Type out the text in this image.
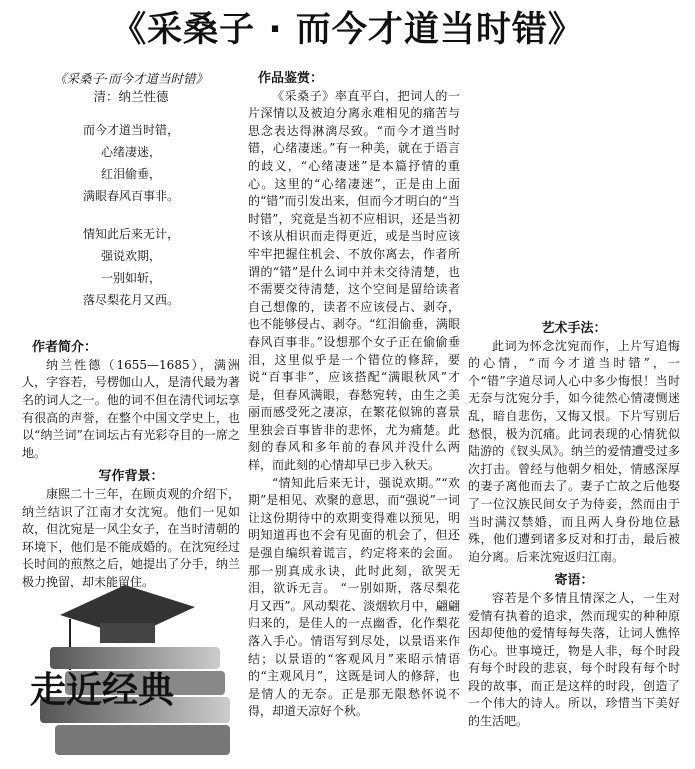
《采桑子 · 而今才道当时错》
《采桑子·而今才道当时错》
清：纳兰性德
而今才道当时错，
心绪凄迷，
红泪偷垂，
满眼春风百事非。
情知此后来无计，
强说欢期，
一别如斩，
落尽梨花月又西。
作者简介：

纳兰性德（1655—1685），满洲人，字容若，号楞伽山人，是清代最为著名的词人之一。他的词不但在清代词坛享有很高的声誉，在整个中国文学史上，也以“纳兰词”在词坛占有光彩夺目的一席之地。

写作背景：

康熙二十三年，在顾贞观的介绍下，纳兰结识了江南才女沈宛。他们一见如故，但沈宛是一风尘女子，在当时清朝的环境下，他们是不能成婚的。在沈宛经过长时间的煎熬之后，她提出了分手，纳兰极力挽留，却未能留住。

走近经典
作品鉴赏：

《采桑子》率直平白，把词人的一片深情以及被迫分离永难相见的痛苦与思念表达得淋漓尽致。“而今才道当时错，心绪凄迷。”有一种美，就在于语言的歧义，“心绪凄迷”是本篇抒情的重心。这里的“心绪凄迷”，正是由上面的“错”而引发出来，但而今才明白的“当时错”，究竟是当初不应相识，还是当初不该从相识而走得更近，或是当时应该牢牢把握住机会、不放你离去，作者所谓的“错”是什么词中并未交待清楚，也不需要交待清楚，这个空间是留给读者自己想像的，读者不应该侵占、剥夺，也不能够侵占、剥夺。“红泪偷垂，满眼春风百事非。”设想那个女子正在偷偷垂泪，这里似乎是一个错位的修辞，要说“百事非”，应该搭配“满眼秋风”才是，但春风满眼，春愁宛转，由生之美丽而感受死之凄凉，在繁花似锦的喜景里独会百事皆非的悲怀，尤为痛楚。此刻的春风和多年前的春风并没什么两样，而此刻的心情却早已步入秋天。

“情知此后来无计，强说欢期。”“欢期”是相见、欢聚的意思，而“强说”一词让这份期待中的欢期变得难以预见，明明知道再也不会有见面的机会了，但还是强自编织着谎言，约定将来的会面。那一别真成永诀，此时此刻，欲哭无泪，欲诉无言。 “一别如斯，落尽梨花月又西”。风动梨花、淡烟软月中，翩翩归来的，是佳人的一点幽香，化作梨花落入手心。情语写到尽处，以景语来作结；以景语的“客观风月”来昭示情语的“主观风月”，这既是词人的修辞，也是情人的无奈。正是那无限愁怀说不得，却道天凉好个秋。

艺术手法：

此词为怀念沈宛而作，上片写追悔的心情，“而今才道当时错”，一个“错”字道尽词人心中多少悔恨！当时无奈与沈宛分手，如今徒然心情凄恻迷乱，暗自悲伤，又悔又恨。下片写别后愁恨，极为沉痛。此词表现的心情犹似陆游的《钗头凤》。纳兰的爱情遭受过多次打击。曾经与他朝夕相处，情感深厚的妻子离他而去了。妻子亡故之后他娶了一位汉族民间女子为侍妾，然而由于当时满汉禁婚，而且两人身份地位悬殊，他们遭到诸多反对和打击，最后被迫分离。后来沈宛返归江南。

寄语：

容若是个多情且情深之人，一生对爱情有执着的追求，然而现实的种种原因却使他的爱情每每失落，让词人憔悴伤心。世事境迁，物是人非，每个时段有每个时段的悲哀，每个时段有每个时段的故事，而正是这样的时段，创造了一个伟大的诗人。所以，珍惜当下美好的生活吧。
